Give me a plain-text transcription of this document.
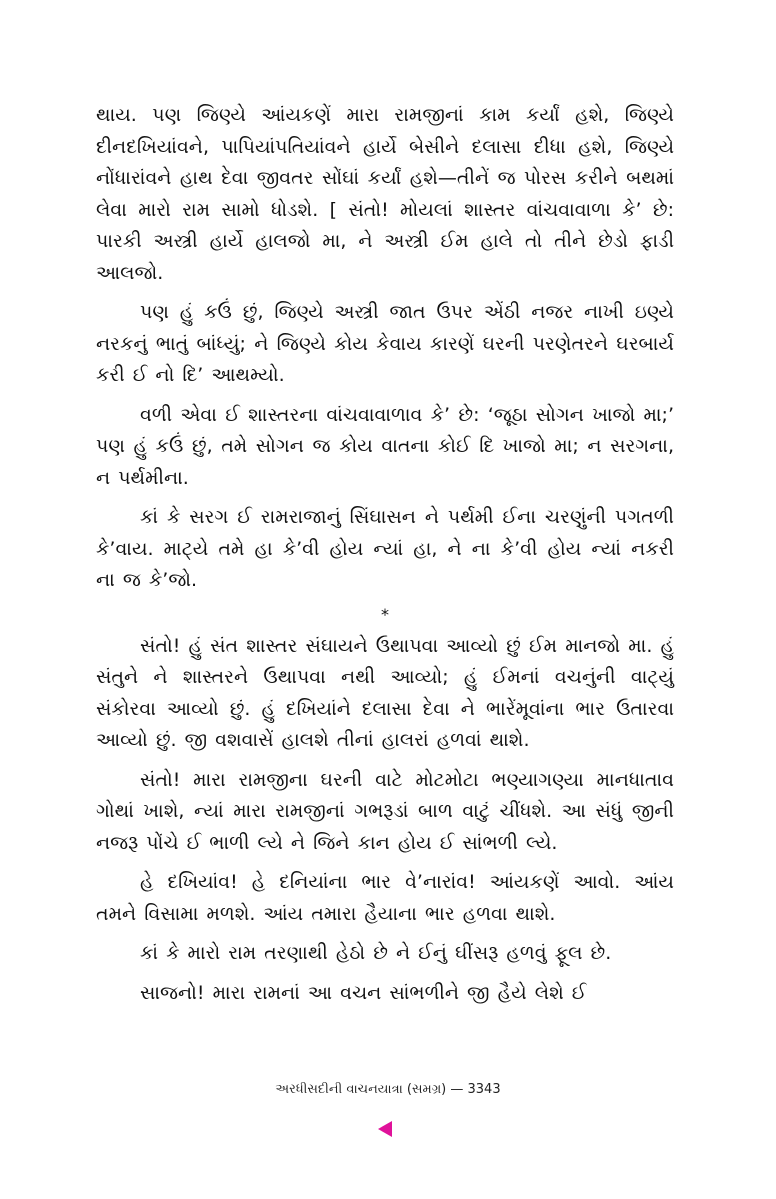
થાય. પણ જિણ્યે આંયકણેં મારા રામજીનાં કામ કર્યાં હશે, જિણ્યે દીનદખિયાંવને, પાપિયાંપતિયાંવને હાર્યે બેસીને દલાસા દીધા હશે, જિણ્યે નોંધારાંવને હાથ દેવા જીવતર સોંઘાં કર્યાં હશે—તીનેં જ પોરસ કરીને બથમાં લેવા મારો રામ સામો ધોડશે. [ સંતો! મોયલાં શાસ્તર વાંચવાવાળા કે’ છે: પારકી અસ્ત્રી હાર્યે હાલજો મા, ને અસ્ત્રી ઈમ હાલે તો તીને છેડો ફાડી આલજો.

પણ હું કઉં છું, જિણ્યે અસ્ત્રી જાત ઉપર એંઠી નજર નાખી ઇણ્યે નરકનું ભાતું બાંધ્યું; ને જિણ્યે કોય કેવાય કારણેં ઘરની પરણેતરને ઘરબાર્ય કરી ઈ નો દિ’ આથમ્યો.

વળી એવા ઈ શાસ્તરના વાંચવાવાળાવ કે’ છે: ‘જૂઠા સોગન ખાજો મા;’ પણ હું કઉં છું, તમે સોગન જ કોય વાતના કોઈ દિ ખાજો મા; ન સરગના, ન પર્થમીના.

કાં કે સરગ ઈ રામરાજાનું સિંઘાસન ને પર્થમી ઈના ચરણુંની પગતળી કે’વાય. માટ્યે તમે હા કે’વી હોય ન્યાં હા, ને ના કે’વી હોય ન્યાં નકરી ના જ કે’જો.

*

સંતો! હું સંત શાસ્તર સંઘાયને ઉથાપવા આવ્યો છું ઈમ માનજો મા. હું સંતુને ને શાસ્તરને ઉથાપવા નથી આવ્યો; હું ઈમનાં વચનુંની વાટ્યું સંકોરવા આવ્યો છું. હું દખિયાંને દલાસા દેવા ને ભારેંમૂવાંના ભાર ઉતારવા આવ્યો છું. જી વશવાસેં હાલશે તીનાં હાલરાં હળવાં થાશે.

સંતો! મારા રામજીના ઘરની વાટે મોટમોટા ભણ્યાગણ્યા માનધાતાવ ગોથાં ખાશે, ન્યાં મારા રામજીનાં ગભરૂડાં બાળ વાટું ચીંધશે. આ સંધું જીની નજરૂ પોંચે ઈ ભાળી લ્યે ને જિને કાન હોય ઈ સાંભળી લ્યે.

હે દખિયાંવ! હે દનિયાંના ભાર વે’નારાંવ! આંયકણેં આવો. આંય તમને વિસામા મળશે. આંય તમારા હૈયાના ભાર હળવા થાશે.

કાં કે મારો રામ તરણાથી હેઠો છે ને ઈનું ઘીંસરૂ હળવું ફૂલ છે.

સાજનો! મારા રામનાં આ વચન સાંભળીને જી હૈયે લેશે ઈ

અરધીસદીની વાચનયાત્રા (સમગ્ર) — 3343
